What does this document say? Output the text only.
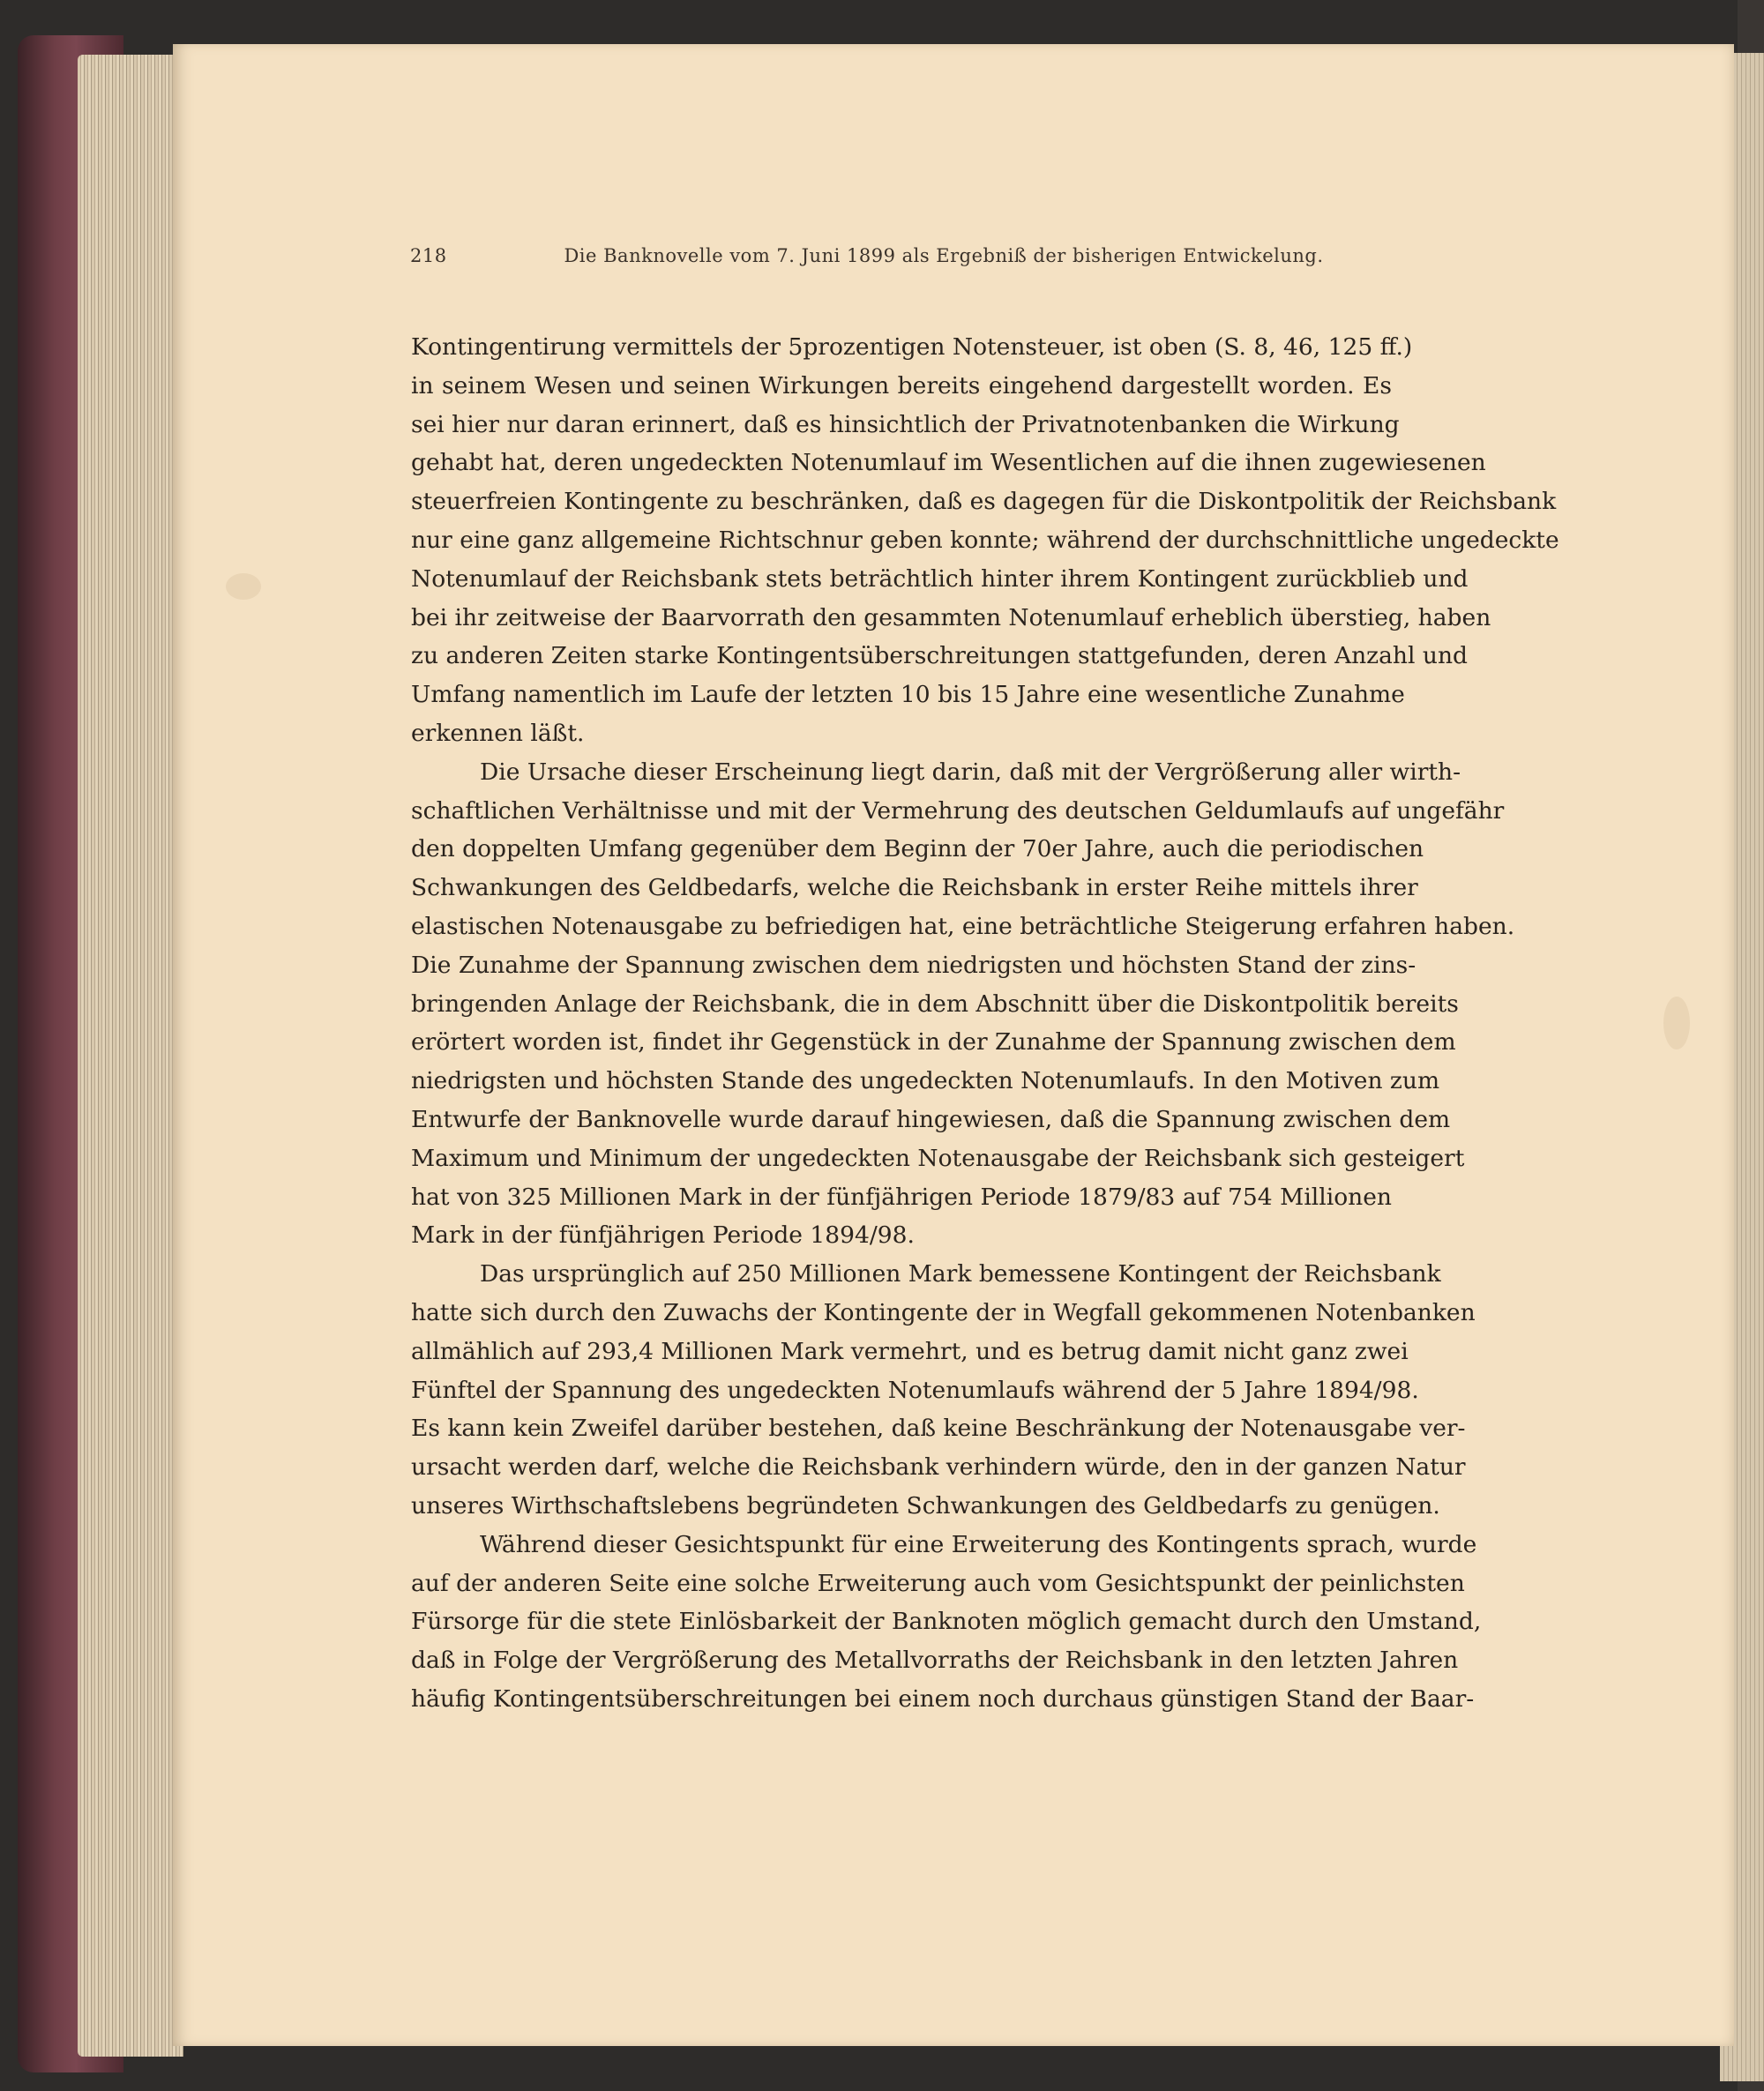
218	Die Banknovelle vom 7. Juni 1899 als Ergebniß der bisherigen Entwickelung.
Kontingentirung vermittels der 5prozentigen Notensteuer, ist oben (S. 8, 46, 125 ff.)
in seinem Wesen und seinen Wirkungen bereits eingehend dargestellt worden. Es
sei hier nur daran erinnert, daß es hinsichtlich der Privatnotenbanken die Wirkung
gehabt hat, deren ungedeckten Notenumlauf im Wesentlichen auf die ihnen zugewiesenen
steuerfreien Kontingente zu beschränken, daß es dagegen für die Diskontpolitik der Reichsbank
nur eine ganz allgemeine Richtschnur geben konnte; während der durchschnittliche ungedeckte
Notenumlauf der Reichsbank stets beträchtlich hinter ihrem Kontingent zurückblieb und
bei ihr zeitweise der Baarvorrath den gesammten Notenumlauf erheblich überstieg, haben
zu anderen Zeiten starke Kontingentsüberschreitungen stattgefunden, deren Anzahl und
Umfang namentlich im Laufe der letzten 10 bis 15 Jahre eine wesentliche Zunahme
erkennen läßt.
Die Ursache dieser Erscheinung liegt darin, daß mit der Vergrößerung aller wirth-
schaftlichen Verhältnisse und mit der Vermehrung des deutschen Geldumlaufs auf ungefähr
den doppelten Umfang gegenüber dem Beginn der 70er Jahre, auch die periodischen
Schwankungen des Geldbedarfs, welche die Reichsbank in erster Reihe mittels ihrer
elastischen Notenausgabe zu befriedigen hat, eine beträchtliche Steigerung erfahren haben.
Die Zunahme der Spannung zwischen dem niedrigsten und höchsten Stand der zins-
bringenden Anlage der Reichsbank, die in dem Abschnitt über die Diskontpolitik bereits
erörtert worden ist, findet ihr Gegenstück in der Zunahme der Spannung zwischen dem
niedrigsten und höchsten Stande des ungedeckten Notenumlaufs. In den Motiven zum
Entwurfe der Banknovelle wurde darauf hingewiesen, daß die Spannung zwischen dem
Maximum und Minimum der ungedeckten Notenausgabe der Reichsbank sich gesteigert
hat von 325 Millionen Mark in der fünfjährigen Periode 1879/83 auf 754 Millionen
Mark in der fünfjährigen Periode 1894/98.
Das ursprünglich auf 250 Millionen Mark bemessene Kontingent der Reichsbank
hatte sich durch den Zuwachs der Kontingente der in Wegfall gekommenen Notenbanken
allmählich auf 293,4 Millionen Mark vermehrt, und es betrug damit nicht ganz zwei
Fünftel der Spannung des ungedeckten Notenumlaufs während der 5 Jahre 1894/98.
Es kann kein Zweifel darüber bestehen, daß keine Beschränkung der Notenausgabe ver-
ursacht werden darf, welche die Reichsbank verhindern würde, den in der ganzen Natur
unseres Wirthschaftslebens begründeten Schwankungen des Geldbedarfs zu genügen.
Während dieser Gesichtspunkt für eine Erweiterung des Kontingents sprach, wurde
auf der anderen Seite eine solche Erweiterung auch vom Gesichtspunkt der peinlichsten
Fürsorge für die stete Einlösbarkeit der Banknoten möglich gemacht durch den Umstand,
daß in Folge der Vergrößerung des Metallvorraths der Reichsbank in den letzten Jahren
häufig Kontingentsüberschreitungen bei einem noch durchaus günstigen Stand der Baar-
